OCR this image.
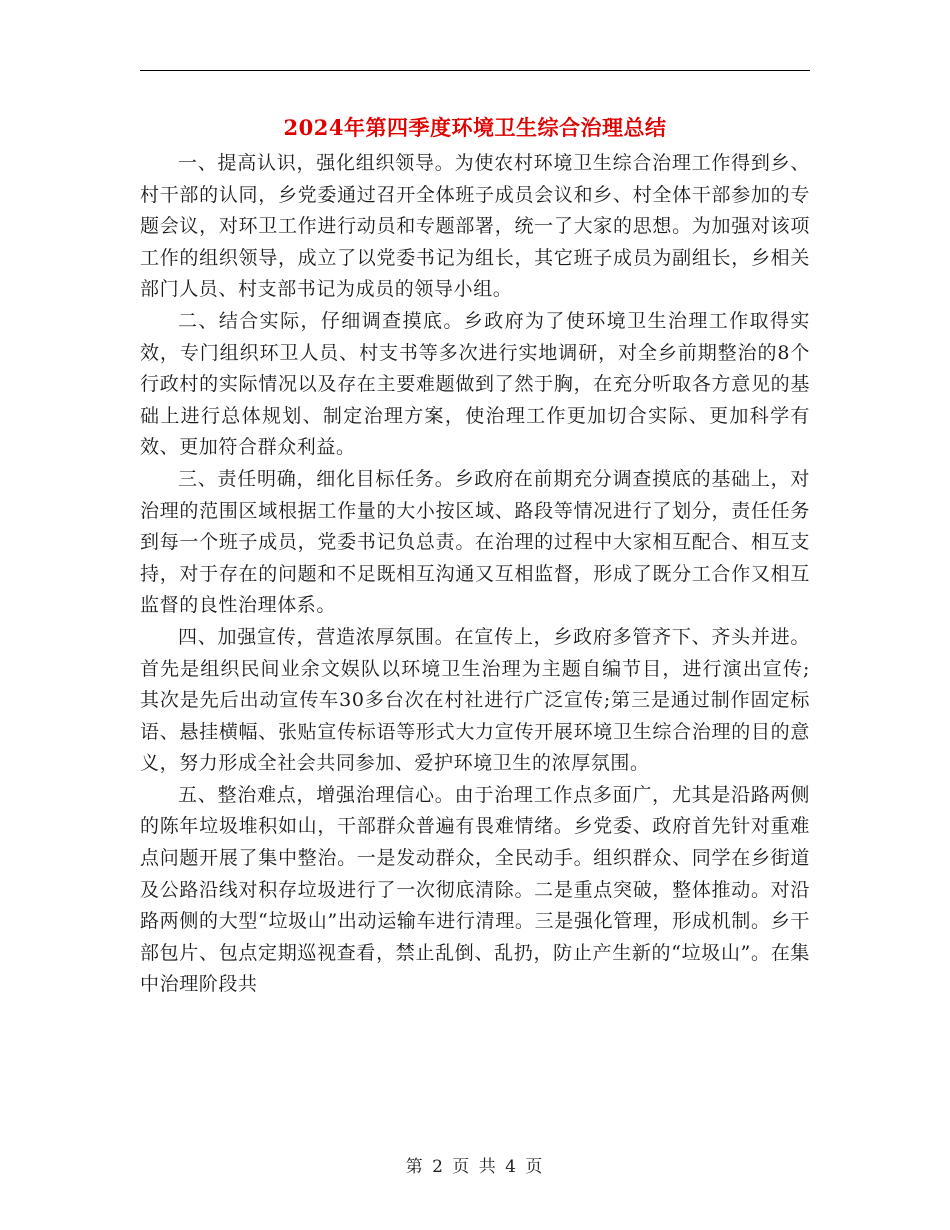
2024年第四季度环境卫生综合治理总结

一、提高认识，强化组织领导。为使农村环境卫生综合治理工作得到乡、村干部的认同，乡党委通过召开全体班子成员会议和乡、村全体干部参加的专题会议，对环卫工作进行动员和专题部署，统一了大家的思想。为加强对该项工作的组织领导，成立了以党委书记为组长，其它班子成员为副组长，乡相关部门人员、村支部书记为成员的领导小组。

二、结合实际，仔细调查摸底。乡政府为了使环境卫生治理工作取得实效，专门组织环卫人员、村支书等多次进行实地调研，对全乡前期整治的8个行政村的实际情况以及存在主要难题做到了然于胸，在充分听取各方意见的基础上进行总体规划、制定治理方案，使治理工作更加切合实际、更加科学有效、更加符合群众利益。

三、责任明确，细化目标任务。乡政府在前期充分调查摸底的基础上，对治理的范围区域根据工作量的大小按区域、路段等情况进行了划分，责任任务到每一个班子成员，党委书记负总责。在治理的过程中大家相互配合、相互支持，对于存在的问题和不足既相互沟通又互相监督，形成了既分工合作又相互监督的良性治理体系。

四、加强宣传，营造浓厚氛围。在宣传上，乡政府多管齐下、齐头并进。首先是组织民间业余文娱队以环境卫生治理为主题自编节目，进行演出宣传;其次是先后出动宣传车30多台次在村社进行广泛宣传;第三是通过制作固定标语、悬挂横幅、张贴宣传标语等形式大力宣传开展环境卫生综合治理的目的意义，努力形成全社会共同参加、爱护环境卫生的浓厚氛围。

五、整治难点，增强治理信心。由于治理工作点多面广，尤其是沿路两侧的陈年垃圾堆积如山，干部群众普遍有畏难情绪。乡党委、政府首先针对重难点问题开展了集中整治。一是发动群众，全民动手。组织群众、同学在乡街道及公路沿线对积存垃圾进行了一次彻底清除。二是重点突破，整体推动。对沿路两侧的大型“垃圾山”出动运输车进行清理。三是强化管理，形成机制。乡干部包片、包点定期巡视查看，禁止乱倒、乱扔，防止产生新的“垃圾山”。在集中治理阶段共

第 2 页 共 4 页
